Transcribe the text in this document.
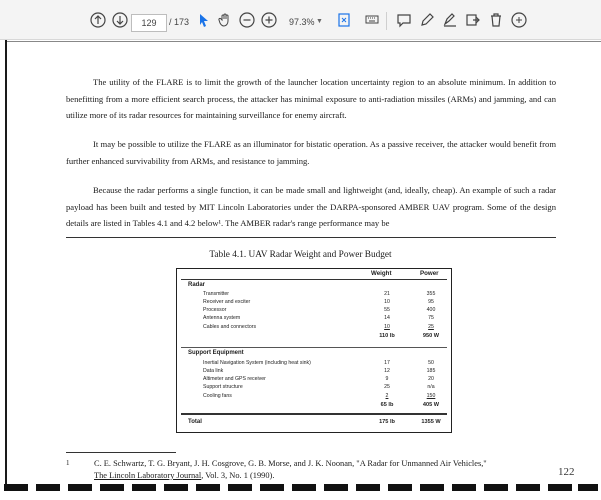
129	/ 173	97.3% ▼
The utility of the FLARE is to limit the growth of the launcher location uncertainty region to an absolute minimum. In addition to benefitting from a more efficient search process, the attacker has minimal exposure to anti-radiation missiles (ARMs) and jamming, and can utilize more of its radar resources for maintaining surveillance for enemy aircraft.
It may be possible to utilize the FLARE as an illuminator for bistatic operation. As a passive receiver, the attacker would benefit from further enhanced survivability from ARMs, and resistance to jamming.
Because the radar performs a single function, it can be made small and lightweight (and, ideally, cheap). An example of such a radar payload has been built and tested by MIT Lincoln Laboratories under the DARPA-sponsored AMBER UAV program. Some of the design details are listed in Tables 4.1 and 4.2 below¹. The AMBER radar's range performance may be
Table 4.1. UAV Radar Weight and Power Budget
Weight	Power
Radar
Transmitter	21	355
Receiver and exciter	10	95
Processor	55	400
Antenna system	14	75
Cables and connectors	10	25
110 lb	950 W
Support Equipment
Inertial Navigation System (including heat sink)	17	50
Data link	12	185
Altimeter and GPS receiver	9	20
Support structure	25	n/a
Cooling fans	2	150
65 lb	405 W
Total	175 lb	1355 W
1	C. E. Schwartz, T. G. Bryant, J. H. Cosgrove, G. B. Morse, and J. K. Noonan, "A Radar for Unmanned Air Vehicles,"
The Lincoln Laboratory Journal, Vol. 3, No. 1 (1990).	122
